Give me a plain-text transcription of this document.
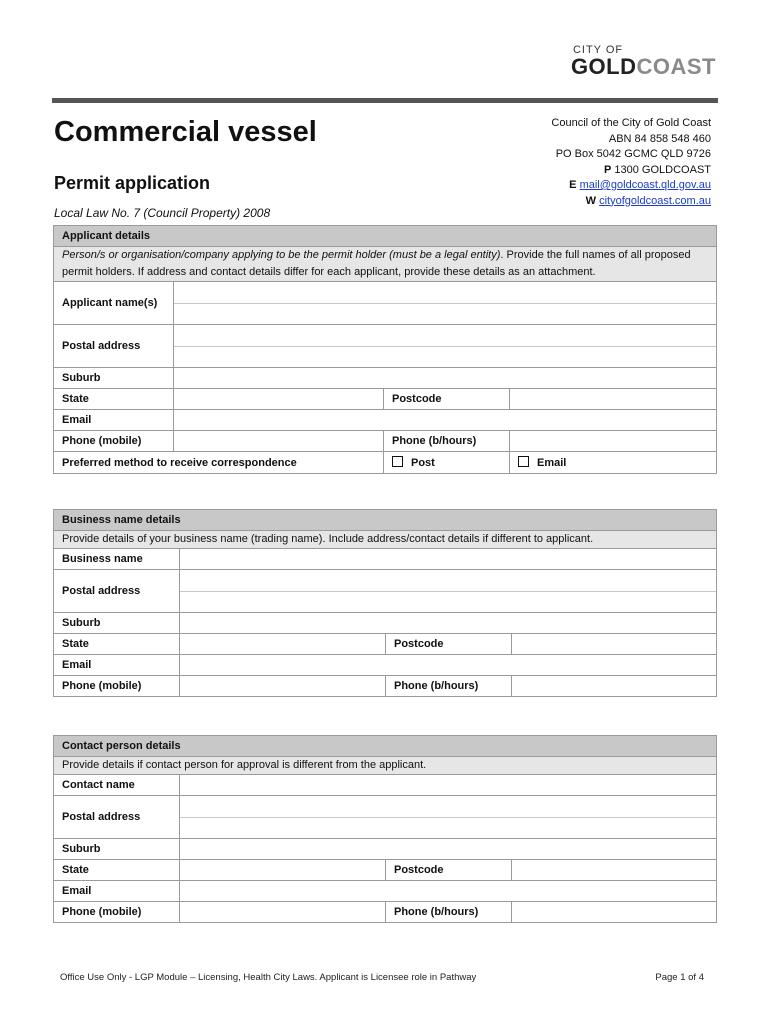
CITY OF
GOLDCOAST
Commercial vessel
Permit application
Local Law No. 7 (Council Property) 2008
Council of the City of Gold Coast
ABN 84 858 548 460
PO Box 5042 GCMC QLD 9726
P 1300 GOLDCOAST
E mail@goldcoast.qld.gov.au
W cityofgoldcoast.com.au
Applicant details			
Person/s or organisation/company applying to be the permit holder (must be a legal entity). Provide the full names of all proposed permit holders. If address and contact details differ for each applicant, provide these details as an attachment.			
Applicant name(s)			

Postal address			

Suburb			
State		Postcode	
Email			
Phone (mobile)		Phone (b/hours)	
Preferred method to receive correspondence		Post	Email
Business name details			
Provide details of your business name (trading name). Include address/contact details if different to applicant.			
Business name			
Postal address			

Suburb			
State		Postcode	
Email			
Phone (mobile)		Phone (b/hours)	
Contact person details			
Provide details if contact person for approval is different from the applicant.			
Contact name			
Postal address			

Suburb			
State		Postcode	
Email			
Phone (mobile)		Phone (b/hours)	
Office Use Only - LGP Module – Licensing, Health City Laws. Applicant is Licensee role in Pathway	Page 1 of 4
